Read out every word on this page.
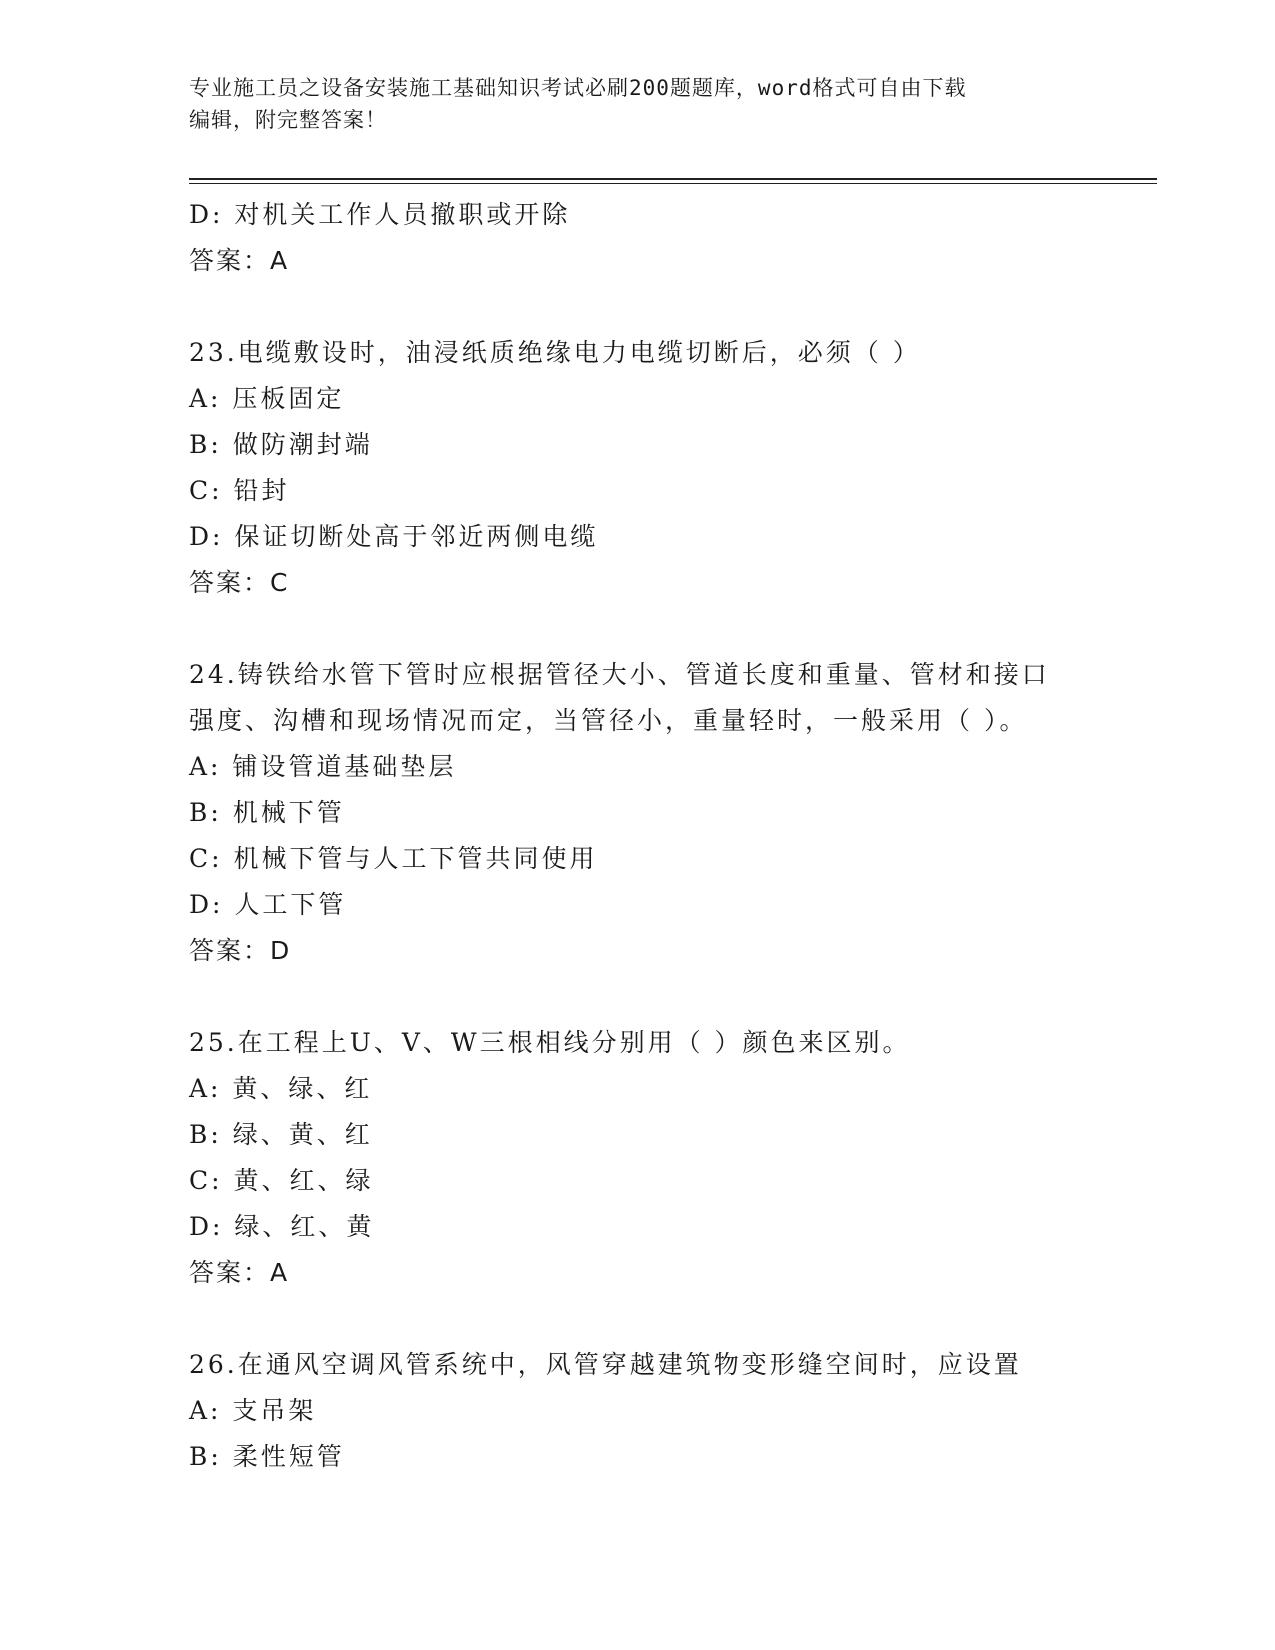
专业施工员之设备安装施工基础知识考试必刷200题题库，word格式可自由下载
编辑，附完整答案！
D: 对机关工作人员撤职或开除
答案：A
23.电缆敷设时，油浸纸质绝缘电力电缆切断后，必须（ ）
A: 压板固定
B: 做防潮封端
C: 铅封
D: 保证切断处高于邻近两侧电缆
答案：C
24.铸铁给水管下管时应根据管径大小、管道长度和重量、管材和接口
强度、沟槽和现场情况而定，当管径小，重量轻时，一般采用（ ）。
A: 铺设管道基础垫层
B: 机械下管
C: 机械下管与人工下管共同使用
D: 人工下管
答案：D
25.在工程上U、V、W三根相线分别用（ ）颜色来区别。
A: 黄、绿、红
B: 绿、黄、红
C: 黄、红、绿
D: 绿、红、黄
答案：A
26.在通风空调风管系统中，风管穿越建筑物变形缝空间时，应设置
A: 支吊架
B: 柔性短管
